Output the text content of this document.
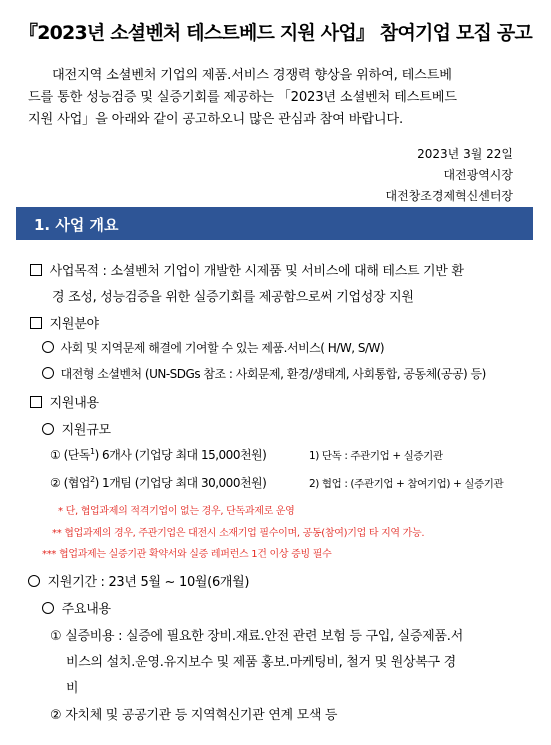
『2023년 소셜벤처 테스트베드 지원 사업』 참여기업 모집 공고
대전지역 소셜벤처 기업의 제품․서비스 경쟁력 향상을 위하여, 테스트베
드를 통한 성능검증 및 실증기회를 제공하는 「2023년 소셜벤처 테스트베드
지원 사업」을 아래와 같이 공고하오니 많은 관심과 참여 바랍니다.
2023년 3월 22일
대전광역시장
대전창조경제혁신센터장
1. 사업 개요
사업목적 : 소셜벤처 기업이 개발한 시제품 및 서비스에 대해 테스트 기반 환
경 조성, 성능검증을 위한 실증기회를 제공함으로써 기업성장 지원
지원분야
사회 및 지역문제 해결에 기여할 수 있는 제품․서비스( H/W, S/W)
대전형 소셜벤처 (UN-SDGs 참조 : 사회문제, 환경/생태계, 사회통합, 공동체(공공) 등)
지원내용
지원규모
① (단독$^1$) 6개사 (기업당 최대 15,000천원)	1) 단독 : 주관기업 + 실증기관
② (협업$^2$) 1개팀 (기업당 최대 30,000천원)	2) 협업 : (주관기업 + 참여기업) + 실증기관
* 단, 협업과제의 적격기업이 없는 경우, 단독과제로 운영
** 협업과제의 경우, 주관기업은 대전시 소재기업 필수이며, 공동(참여)기업 타 지역 가능.
*** 협업과제는 실증기관 확약서와 실증 레퍼런스 1건 이상 증빙 필수
지원기간 : 23년 5월 ~ 10월(6개월)
주요내용
① 실증비용 : 실증에 필요한 장비․재료․안전 관련 보험 등 구입, 실증제품․서
비스의 설치․운영․유지보수 및 제품 홍보․마케팅비, 철거 및 원상복구 경
비
② 자치체 및 공공기관 등 지역혁신기관 연계 모색 등
